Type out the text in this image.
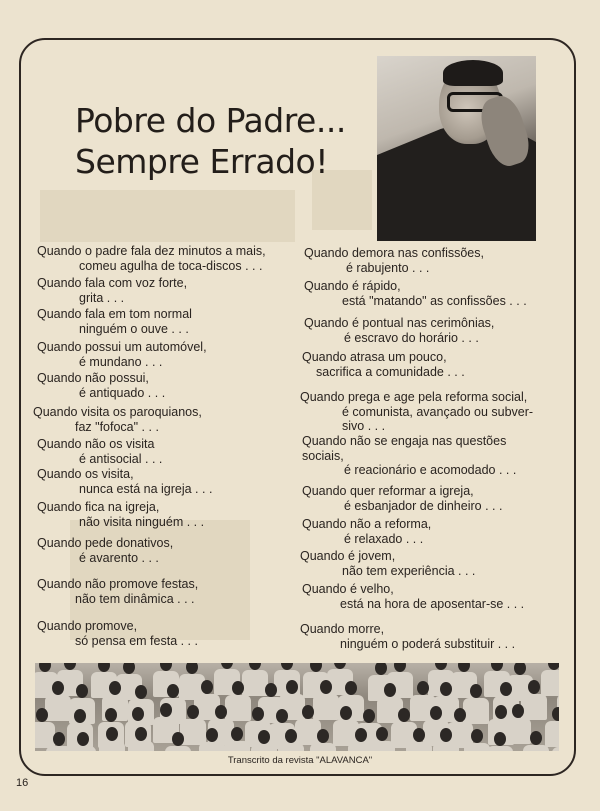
Pobre do Padre...
Sempre Errado!
Quando o padre fala dez minutos a mais,
comeu agulha de toca-discos . . .
Quando fala com voz forte,
grita . . .
Quando fala em tom normal
ninguém o ouve . . .
Quando possui um automóvel,
é mundano . . .
Quando não possui,
é antiquado . . .
Quando visita os paroquianos,
faz "fofoca" . . .
Quando não os visita
é antisocial . . .
Quando os visita,
nunca está na igreja . . .
Quando fica na igreja,
não visita ninguém . . .
Quando pede donativos,
é avarento . . .
Quando não promove festas,
não tem dinâmica . . .
Quando promove,
só pensa em festa . . .
Quando demora nas confissões,
é rabujento . . .
Quando é rápido,
está "matando" as confissões . . .
Quando é pontual nas cerimônias,
é escravo do horário . . .
Quando atrasa um pouco,
sacrifica a comunidade . . .
Quando prega e age pela reforma social,
é comunista, avançado ou subver-
sivo . . .
Quando não se engaja nas questões
sociais,
é reacionário e acomodado . . .
Quando quer reformar a igreja,
é esbanjador de dinheiro . . .
Quando não a reforma,
é relaxado . . .
Quando é jovem,
não tem experiência . . .
Quando é velho,
está na hora de aposentar-se . . .
Quando morre,
ninguém o poderá substituir . . .
Transcrito da revista "ALAVANCA"
16
